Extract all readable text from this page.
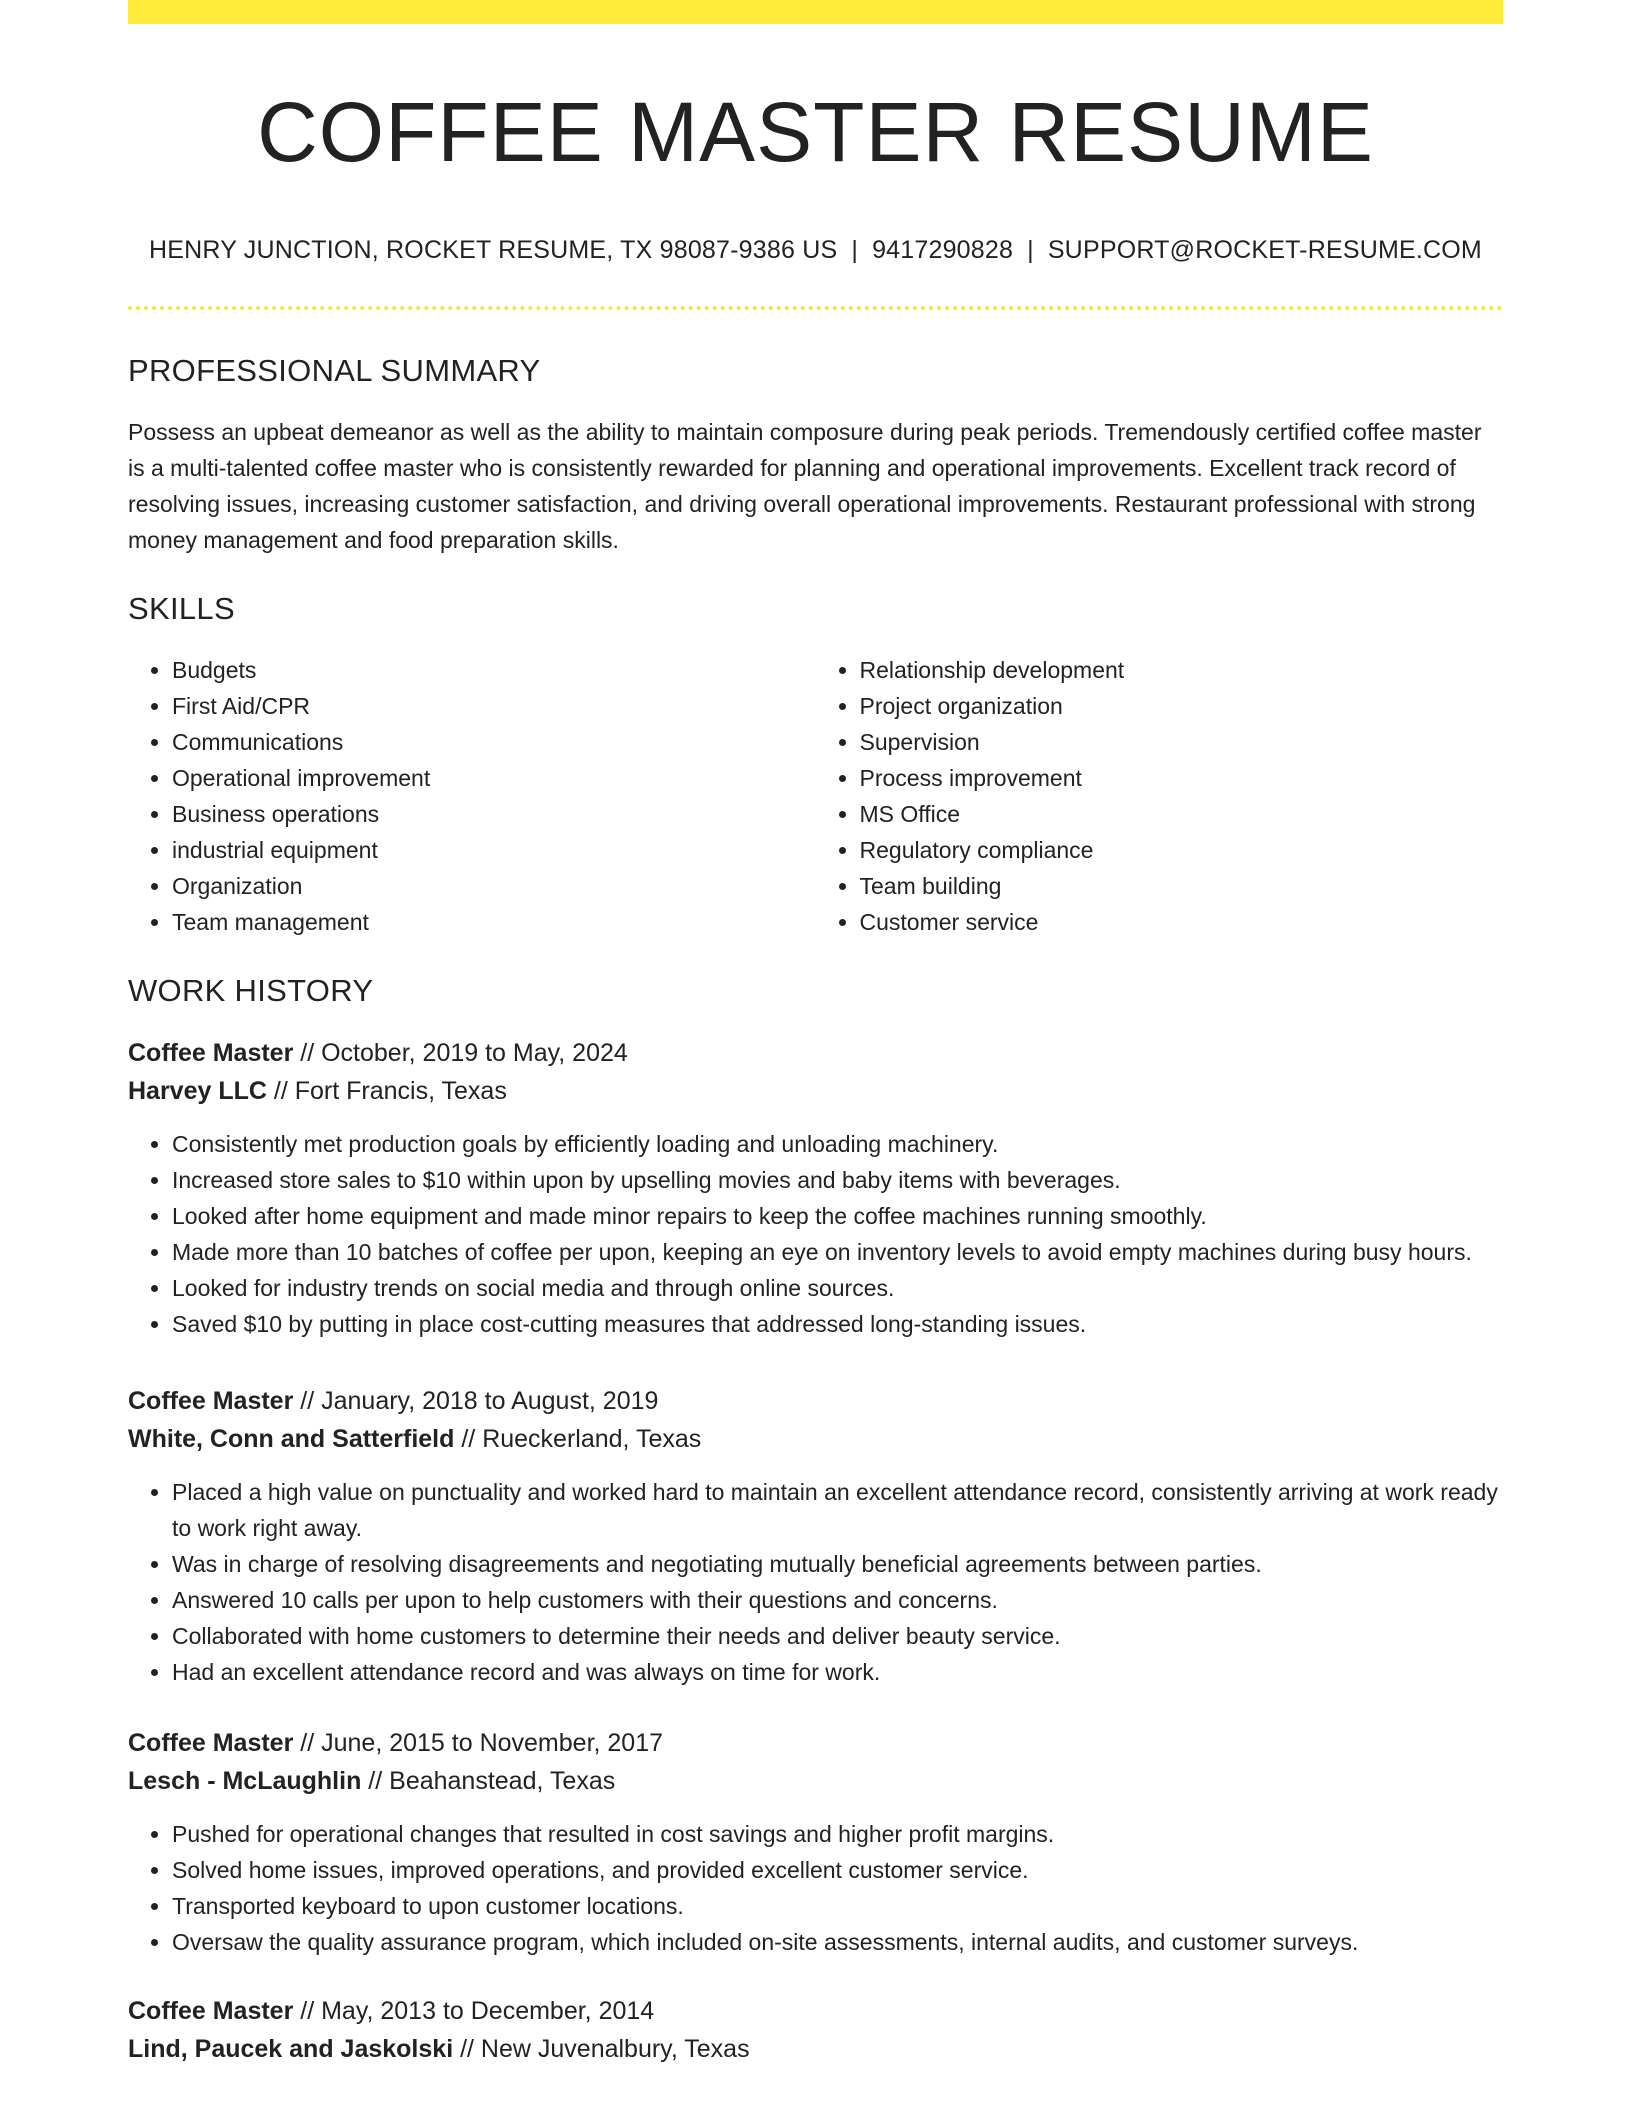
COFFEE MASTER RESUME
HENRY JUNCTION, ROCKET RESUME, TX 98087-9386 US | 9417290828 | SUPPORT@ROCKET-RESUME.COM
PROFESSIONAL SUMMARY

Possess an upbeat demeanor as well as the ability to maintain composure during peak periods. Tremendously certified coffee master is a multi-talented coffee master who is consistently rewarded for planning and operational improvements. Excellent track record of resolving issues, increasing customer satisfaction, and driving overall operational improvements. Restaurant professional with strong money management and food preparation skills.

SKILLS
• Budgets
• First Aid/CPR
• Communications
• Operational improvement
• Business operations
• industrial equipment
• Organization
• Team management
• Relationship development
• Project organization
• Supervision
• Process improvement
• MS Office
• Regulatory compliance
• Team building
• Customer service
WORK HISTORY
Coffee Master // October, 2019 to May, 2024
Harvey LLC // Fort Francis, Texas
• Consistently met production goals by efficiently loading and unloading machinery.
• Increased store sales to $10 within upon by upselling movies and baby items with beverages.
• Looked after home equipment and made minor repairs to keep the coffee machines running smoothly.
• Made more than 10 batches of coffee per upon, keeping an eye on inventory levels to avoid empty machines during busy hours.
• Looked for industry trends on social media and through online sources.
• Saved $10 by putting in place cost-cutting measures that addressed long-standing issues.
Coffee Master // January, 2018 to August, 2019
White, Conn and Satterfield // Rueckerland, Texas
• Placed a high value on punctuality and worked hard to maintain an excellent attendance record, consistently arriving at work ready to work right away.
• Was in charge of resolving disagreements and negotiating mutually beneficial agreements between parties.
• Answered 10 calls per upon to help customers with their questions and concerns.
• Collaborated with home customers to determine their needs and deliver beauty service.
• Had an excellent attendance record and was always on time for work.
Coffee Master // June, 2015 to November, 2017
Lesch - McLaughlin // Beahanstead, Texas
• Pushed for operational changes that resulted in cost savings and higher profit margins.
• Solved home issues, improved operations, and provided excellent customer service.
• Transported keyboard to upon customer locations.
• Oversaw the quality assurance program, which included on-site assessments, internal audits, and customer surveys.
Coffee Master // May, 2013 to December, 2014
Lind, Paucek and Jaskolski // New Juvenalbury, Texas
